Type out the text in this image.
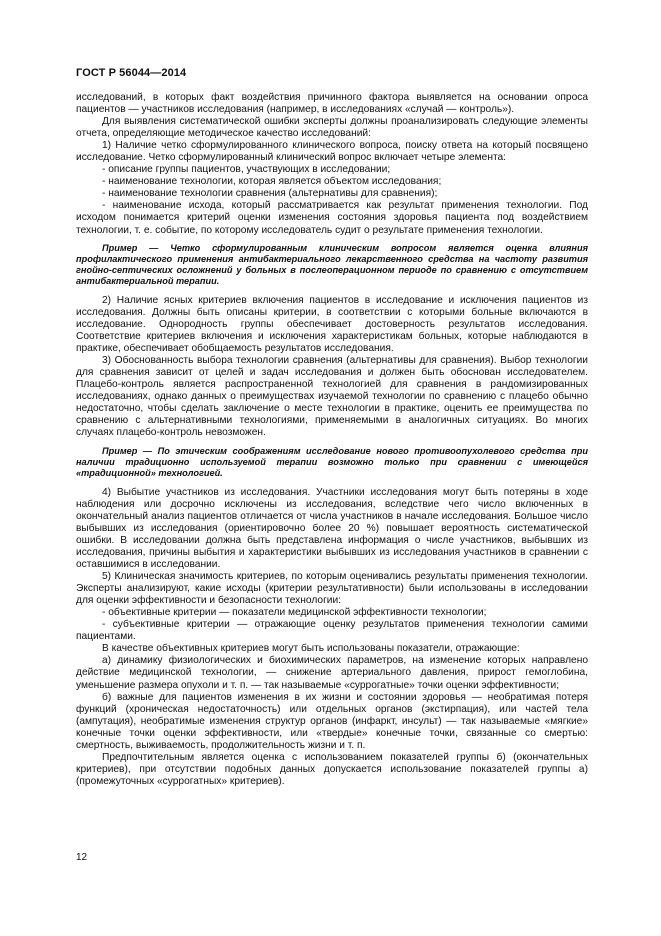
ГОСТ Р 56044—2014

исследований, в которых факт воздействия причинного фактора выявляется на основании опроса пациентов — участников исследования (например, в исследованиях «случай — контроль»).

Для выявления систематической ошибки эксперты должны проанализировать следующие элементы отчета, определяющие методическое качество исследований:

1) Наличие четко сформулированного клинического вопроса, поиску ответа на который посвящено исследование. Четко сформулированный клинический вопрос включает четыре элемента:

- описание группы пациентов, участвующих в исследовании;

- наименование технологии, которая является объектом исследования;

- наименование технологии сравнения (альтернативы для сравнения);

- наименование исхода, который рассматривается как результат применения технологии. Под исходом понимается критерий оценки изменения состояния здоровья пациента под воздействием технологии, т. е. событие, по которому исследователь судит о результате применения технологии.

Пример — Четко сформулированным клиническим вопросом является оценка влияния профилактического применения антибактериального лекарственного средства на частоту развития гнойно-септических осложнений у больных в послеоперационном периоде по сравнению с отсутствием антибактериальной терапии.

2) Наличие ясных критериев включения пациентов в исследование и исключения пациентов из исследования. Должны быть описаны критерии, в соответствии с которыми больные включаются в исследование. Однородность группы обеспечивает достоверность результатов исследования. Соответствие критериев включения и исключения характеристикам больных, которые наблюдаются в практике, обеспечивает обобщаемость результатов исследования.

3) Обоснованность выбора технологии сравнения (альтернативы для сравнения). Выбор технологии для сравнения зависит от целей и задач исследования и должен быть обоснован исследователем. Плацебо-контроль является распространенной технологией для сравнения в рандомизированных исследованиях, однако данных о преимуществах изучаемой технологии по сравнению с плацебо обычно недостаточно, чтобы сделать заключение о месте технологии в практике, оценить ее преимущества по сравнению с альтернативными технологиями, применяемыми в аналогичных ситуациях. Во многих случаях плацебо-контроль невозможен.

Пример — По этическим соображениям исследование нового противоопухолевого средства при наличии традиционно используемой терапии возможно только при сравнении с имеющейся «традиционной» технологией.

4) Выбытие участников из исследования. Участники исследования могут быть потеряны в ходе наблюдения или досрочно исключены из исследования, вследствие чего число включенных в окончательный анализ пациентов отличается от числа участников в начале исследования. Большое число выбывших из исследования (ориентировочно более 20 %) повышает вероятность систематической ошибки. В исследовании должна быть представлена информация о числе участников, выбывших из исследования, причины выбытия и характеристики выбывших из исследования участников в сравнении с оставшимися в исследовании.

5) Клиническая значимость критериев, по которым оценивались результаты применения технологии. Эксперты анализируют, какие исходы (критерии результативности) были использованы в исследовании для оценки эффективности и безопасности технологии:

- объективные критерии — показатели медицинской эффективности технологии;

- субъективные критерии — отражающие оценку результатов применения технологии самими пациентами.

В качестве объективных критериев могут быть использованы показатели, отражающие:

а) динамику физиологических и биохимических параметров, на изменение которых направлено действие медицинской технологии, — снижение артериального давления, прирост гемоглобина, уменьшение размера опухоли и т. п. — так называемые «суррогатные» точки оценки эффективности;

б) важные для пациентов изменения в их жизни и состоянии здоровья — необратимая потеря функций (хроническая недостаточность) или отдельных органов (экстирпация), или частей тела (ампутация), необратимые изменения структур органов (инфаркт, инсульт) — так называемые «мягкие» конечные точки оценки эффективности, или «твердые» конечные точки, связанные со смертью: смертность, выживаемость, продолжительность жизни и т. п.

Предпочтительным является оценка с использованием показателей группы б) (окончательных критериев), при отсутствии подобных данных допускается использование показателей группы а) (промежуточных «суррогатных» критериев).

12
